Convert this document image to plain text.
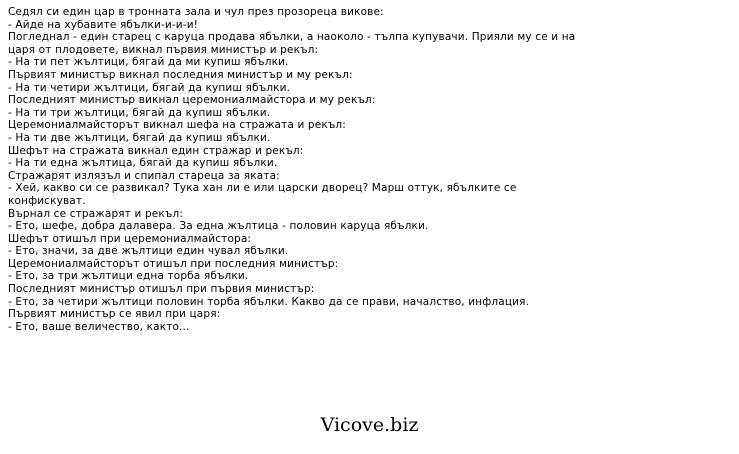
Седял си един цар в тронната зала и чул през прозореца викове:
- Айде на хубавите ябълки-и-и-и!
Погледнал - един старец с каруца продава ябълки, а наоколо - тълпа купувачи. Прияли му се и на царя от плодовете, викнал първия министър и рекъл:
- На ти пет жълтици, бягай да ми купиш ябълки.
Първият министър викнал последния министър и му рекъл:
- На ти четири жълтици, бягай да купиш ябълки.
Последният министър викнал церемониалмайстора и му рекъл:
- На ти три жълтици, бягай да купиш ябълки.
Церемониалмайсторът викнал шефа на стражата и рекъл:
- На ти две жълтици, бягай да купиш ябълки.
Шефът на стражата викнал един стражар и рекъл:
- На ти една жълтица, бягай да купиш ябълки.
Стражарят излязъл и спипал стареца за яката:
- Хей, какво си се развикал? Тука хан ли е или царски дворец? Марш оттук, ябълките се конфискуват.
Върнал се стражарят и рекъл:
- Ето, шефе, добра далавера. За една жълтица - половин каруца ябълки.
Шефът отишъл при церемониалмайстора:
- Ето, значи, за две жълтици един чувал ябълки.
Церемониалмайсторът отишъл при последния министър:
- Ето, за три жълтици една торба ябълки.
Последният министър отишъл при първия министър:
- Ето, за четири жълтици половин торба ябълки. Какво да се прави, началство, инфлация.
Първият министър се явил при царя:
- Ето, ваше величество, както...
Vicove.biz
